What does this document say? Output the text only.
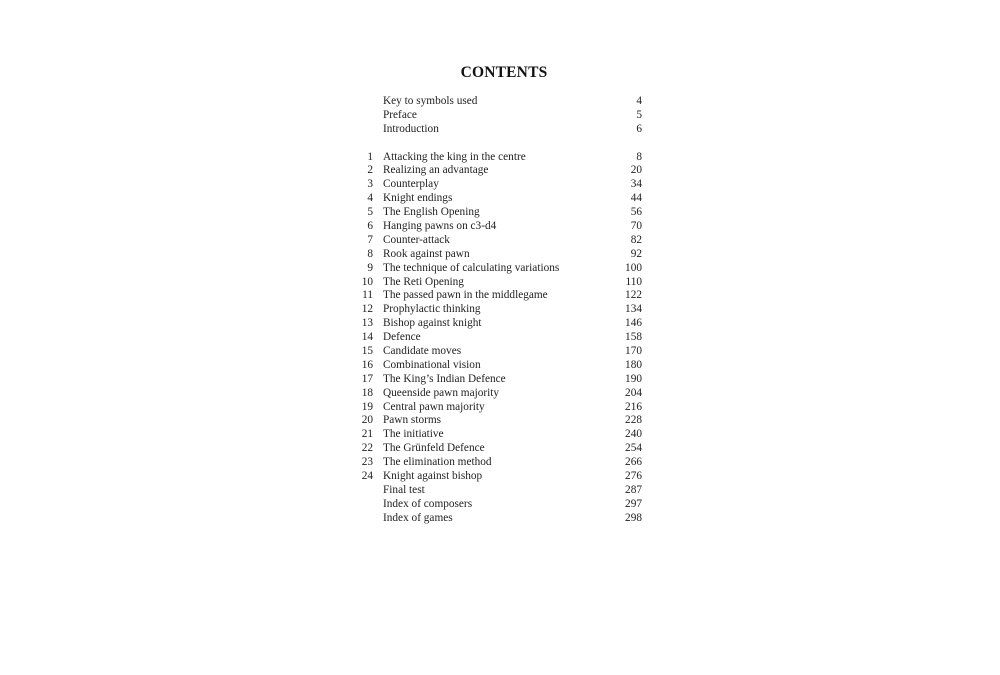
CONTENTS
Key to symbols used	4
Preface	5
Introduction	6
1 Attacking the king in the centre	8
2 Realizing an advantage	20
3 Counterplay	34
4 Knight endings	44
5 The English Opening	56
6 Hanging pawns on c3-d4	70
7 Counter-attack	82
8 Rook against pawn	92
9 The technique of calculating variations	100
10 The Reti Opening	110
11 The passed pawn in the middlegame	122
12 Prophylactic thinking	134
13 Bishop against knight	146
14 Defence	158
15 Candidate moves	170
16 Combinational vision	180
17 The King’s Indian Defence	190
18 Queenside pawn majority	204
19 Central pawn majority	216
20 Pawn storms	228
21 The initiative	240
22 The Grünfeld Defence	254
23 The elimination method	266
24 Knight against bishop	276
Final test	287
Index of composers	297
Index of games	298
